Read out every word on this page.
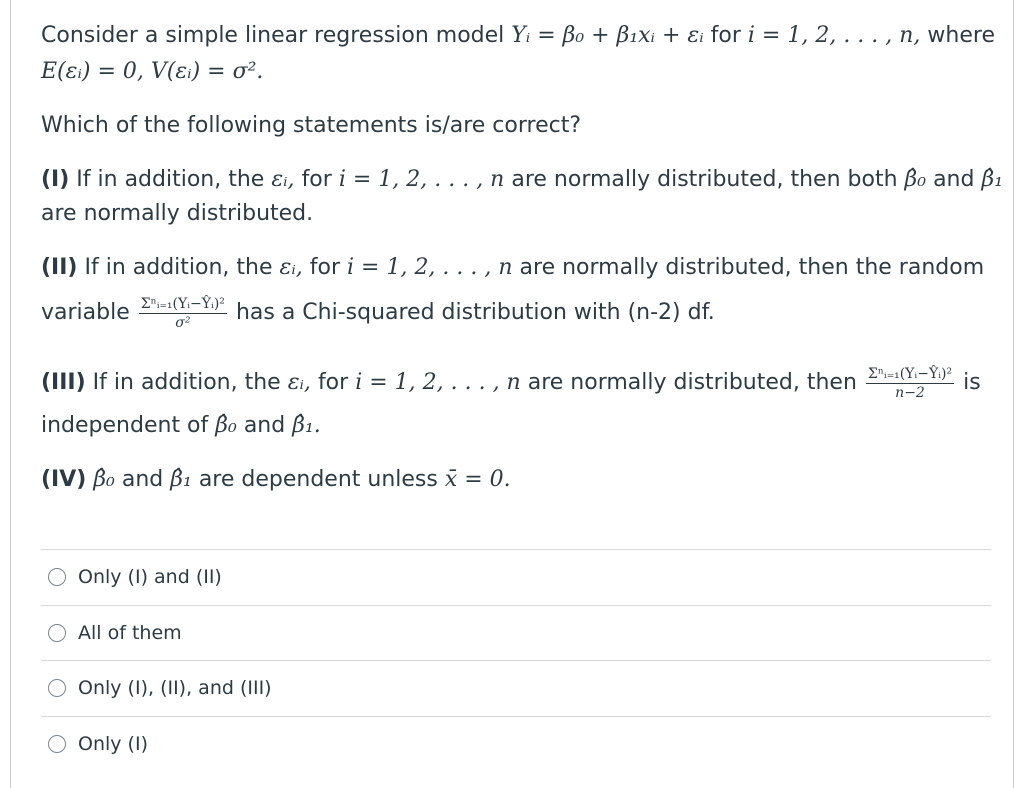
Consider a simple linear regression model Yᵢ = β₀ + β₁xᵢ + εᵢ for i = 1, 2, . . . , n, where
E(εᵢ) = 0, V(εᵢ) = σ².
Which of the following statements is/are correct?
(I) If in addition, the εᵢ, for i = 1, 2, . . . , n are normally distributed, then both β̂₀ and β̂₁
are normally distributed.
(II) If in addition, the εᵢ, for i = 1, 2, . . . , n are normally distributed, then the random
variable $\frac{\text{Σⁿᵢ₌₁(Yᵢ−Ŷᵢ)²}}{\text{σ²}}$ has a Chi-squared distribution with (n-2) df.
(III) If in addition, the εᵢ, for i = 1, 2, . . . , n are normally distributed, then $\frac{\text{Σⁿᵢ₌₁(Yᵢ−Ŷᵢ)²}}{n-2}$ is
independent of β̂₀ and β̂₁.
(IV) β̂₀ and β̂₁ are dependent unless x̄ = 0.
Only (I) and (II)
All of them
Only (I), (II), and (III)
Only (I)
